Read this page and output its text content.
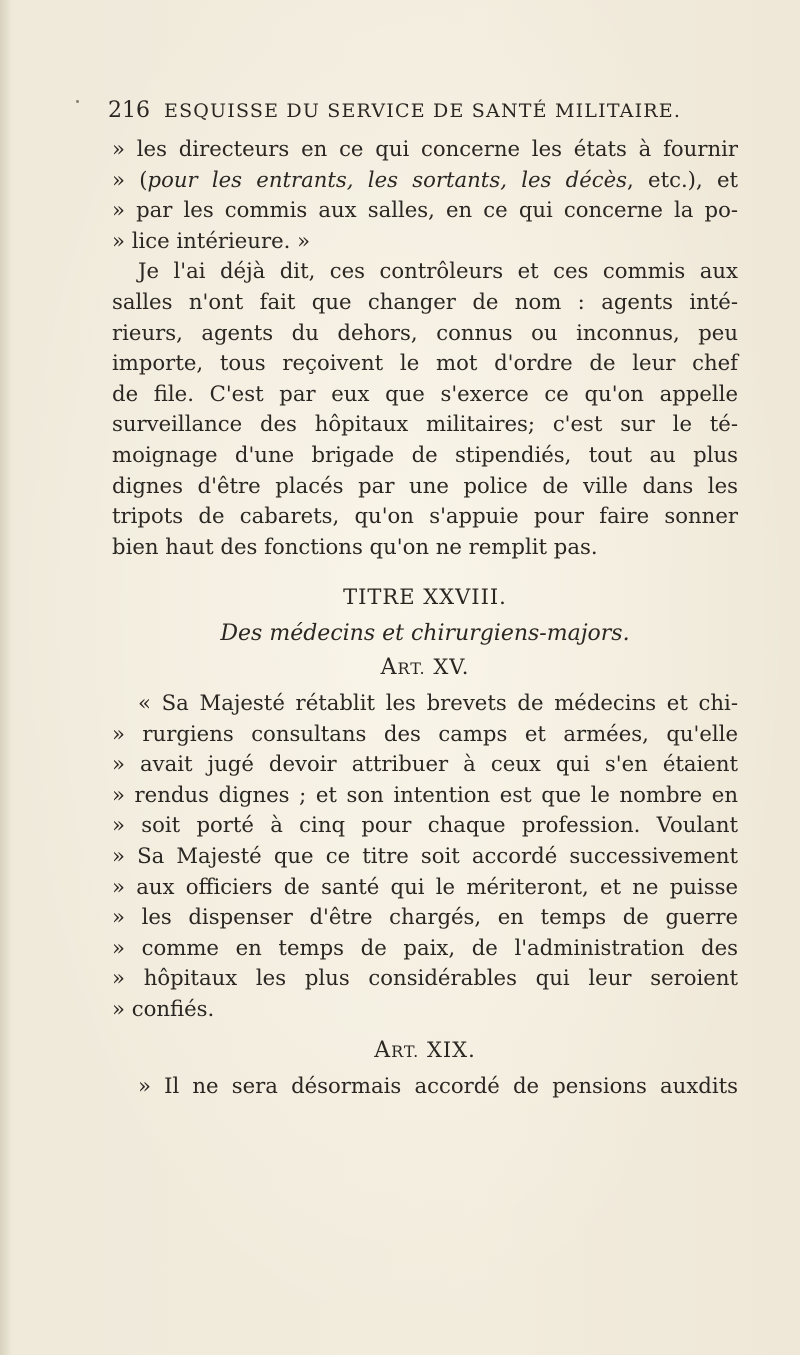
216 ESQUISSE DU SERVICE DE SANTÉ MILITAIRE.
» les directeurs en ce qui concerne les états à fournir
» (pour les entrants, les sortants, les décès, etc.), et
» par les commis aux salles, en ce qui concerne la po-
» lice intérieure. »
Je l'ai déjà dit, ces contrôleurs et ces commis aux
salles n'ont fait que changer de nom : agents inté-
rieurs, agents du dehors, connus ou inconnus, peu
importe, tous reçoivent le mot d'ordre de leur chef
de file. C'est par eux que s'exerce ce qu'on appelle
surveillance des hôpitaux militaires; c'est sur le té-
moignage d'une brigade de stipendiés, tout au plus
dignes d'être placés par une police de ville dans les
tripots de cabarets, qu'on s'appuie pour faire sonner
bien haut des fonctions qu'on ne remplit pas.
TITRE XXVIII.
Des médecins et chirurgiens-majors.
ART. XV.
« Sa Majesté rétablit les brevets de médecins et chi-
» rurgiens consultans des camps et armées, qu'elle
» avait jugé devoir attribuer à ceux qui s'en étaient
» rendus dignes ; et son intention est que le nombre en
» soit porté à cinq pour chaque profession. Voulant
» Sa Majesté que ce titre soit accordé successivement
» aux officiers de santé qui le mériteront, et ne puisse
» les dispenser d'être chargés, en temps de guerre
» comme en temps de paix, de l'administration des
» hôpitaux les plus considérables qui leur seroient
» confiés.
ART. XIX.
» Il ne sera désormais accordé de pensions auxdits
